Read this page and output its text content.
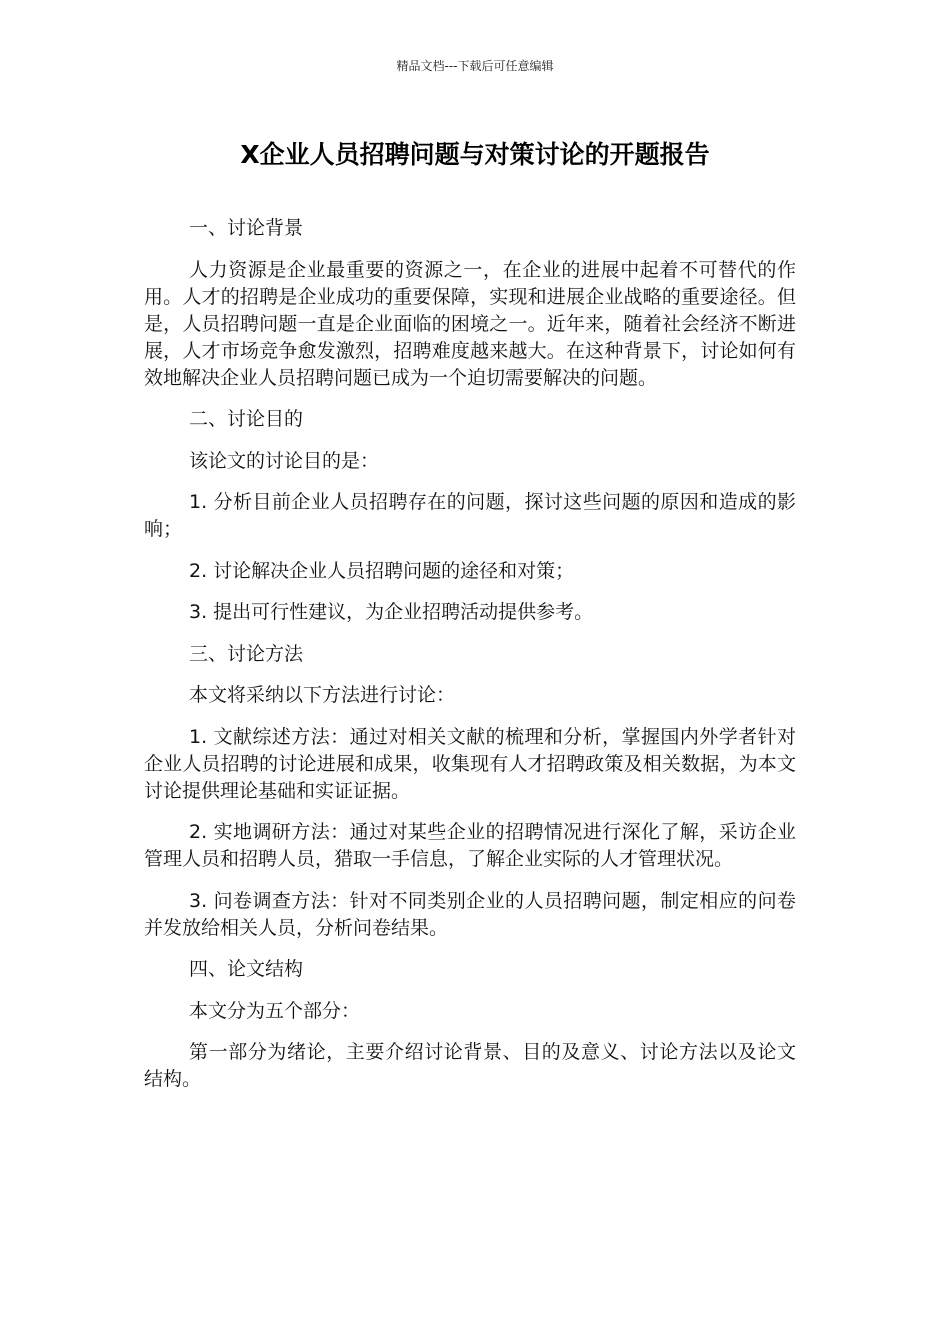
精品文档---下载后可任意编辑
X企业人员招聘问题与对策讨论的开题报告

一、讨论背景

人力资源是企业最重要的资源之一，在企业的进展中起着不可替代的作用。人才的招聘是企业成功的重要保障，实现和进展企业战略的重要途径。但是，人员招聘问题一直是企业面临的困境之一。近年来，随着社会经济不断进展，人才市场竞争愈发激烈，招聘难度越来越大。在这种背景下，讨论如何有效地解决企业人员招聘问题已成为一个迫切需要解决的问题。

二、讨论目的

该论文的讨论目的是：

1. 分析目前企业人员招聘存在的问题，探讨这些问题的原因和造成的影响；

2. 讨论解决企业人员招聘问题的途径和对策；

3. 提出可行性建议，为企业招聘活动提供参考。

三、讨论方法

本文将采纳以下方法进行讨论：

1. 文献综述方法：通过对相关文献的梳理和分析，掌握国内外学者针对企业人员招聘的讨论进展和成果，收集现有人才招聘政策及相关数据，为本文讨论提供理论基础和实证证据。

2. 实地调研方法：通过对某些企业的招聘情况进行深化了解，采访企业管理人员和招聘人员，猎取一手信息，了解企业实际的人才管理状况。

3. 问卷调查方法：针对不同类别企业的人员招聘问题，制定相应的问卷并发放给相关人员，分析问卷结果。

四、论文结构

本文分为五个部分：

第一部分为绪论，主要介绍讨论背景、目的及意义、讨论方法以及论文结构。
